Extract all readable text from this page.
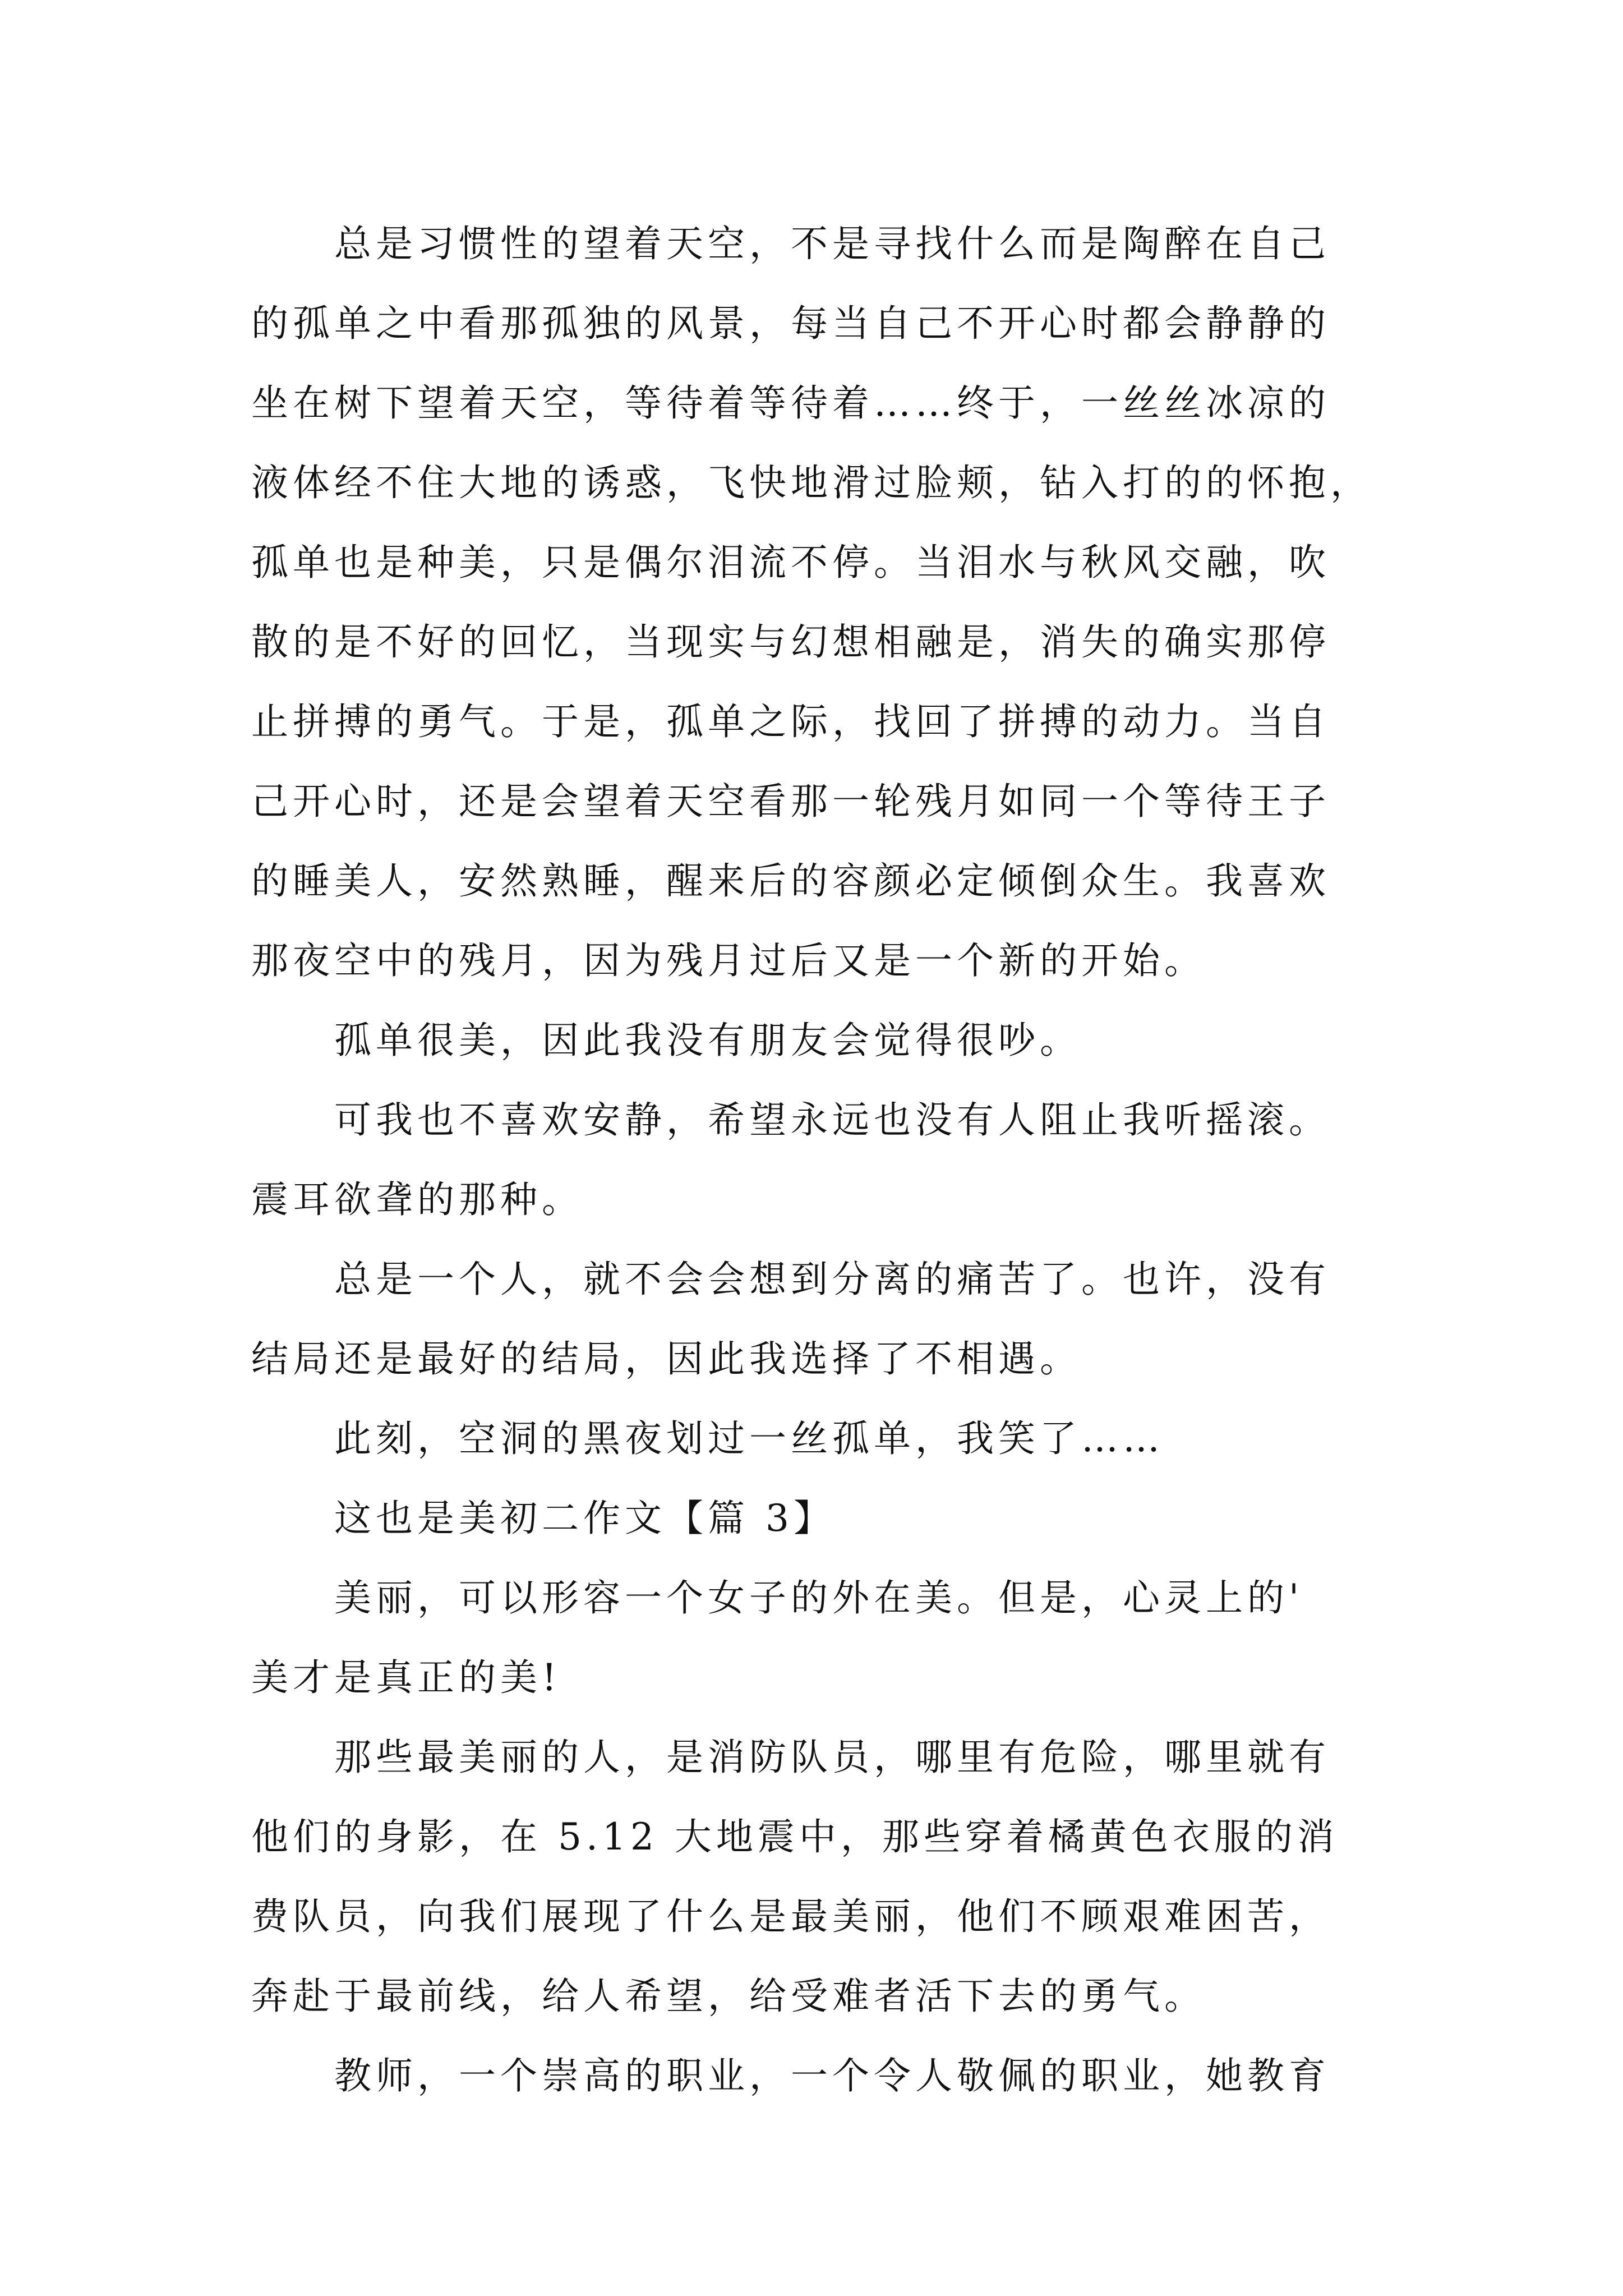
总是习惯性的望着天空，不是寻找什么而是陶醉在自己
的孤单之中看那孤独的风景，每当自己不开心时都会静静的
坐在树下望着天空，等待着等待着……终于，一丝丝冰凉的
液体经不住大地的诱惑，飞快地滑过脸颊，钻入打的的怀抱，
孤单也是种美，只是偶尔泪流不停。当泪水与秋风交融，吹
散的是不好的回忆，当现实与幻想相融是，消失的确实那停
止拼搏的勇气。于是，孤单之际，找回了拼搏的动力。当自
己开心时，还是会望着天空看那一轮残月如同一个等待王子
的睡美人，安然熟睡，醒来后的容颜必定倾倒众生。我喜欢
那夜空中的残月，因为残月过后又是一个新的开始。
孤单很美，因此我没有朋友会觉得很吵。
可我也不喜欢安静，希望永远也没有人阻止我听摇滚。
震耳欲聋的那种。
总是一个人，就不会会想到分离的痛苦了。也许，没有
结局还是最好的结局，因此我选择了不相遇。
此刻，空洞的黑夜划过一丝孤单，我笑了……
这也是美初二作文【篇 3】
美丽，可以形容一个女子的外在美。但是，心灵上的'
美才是真正的美!
那些最美丽的人，是消防队员，哪里有危险，哪里就有
他们的身影，在 5.12 大地震中，那些穿着橘黄色衣服的消
费队员，向我们展现了什么是最美丽，他们不顾艰难困苦，
奔赴于最前线，给人希望，给受难者活下去的勇气。
教师，一个崇高的职业，一个令人敬佩的职业，她教育
